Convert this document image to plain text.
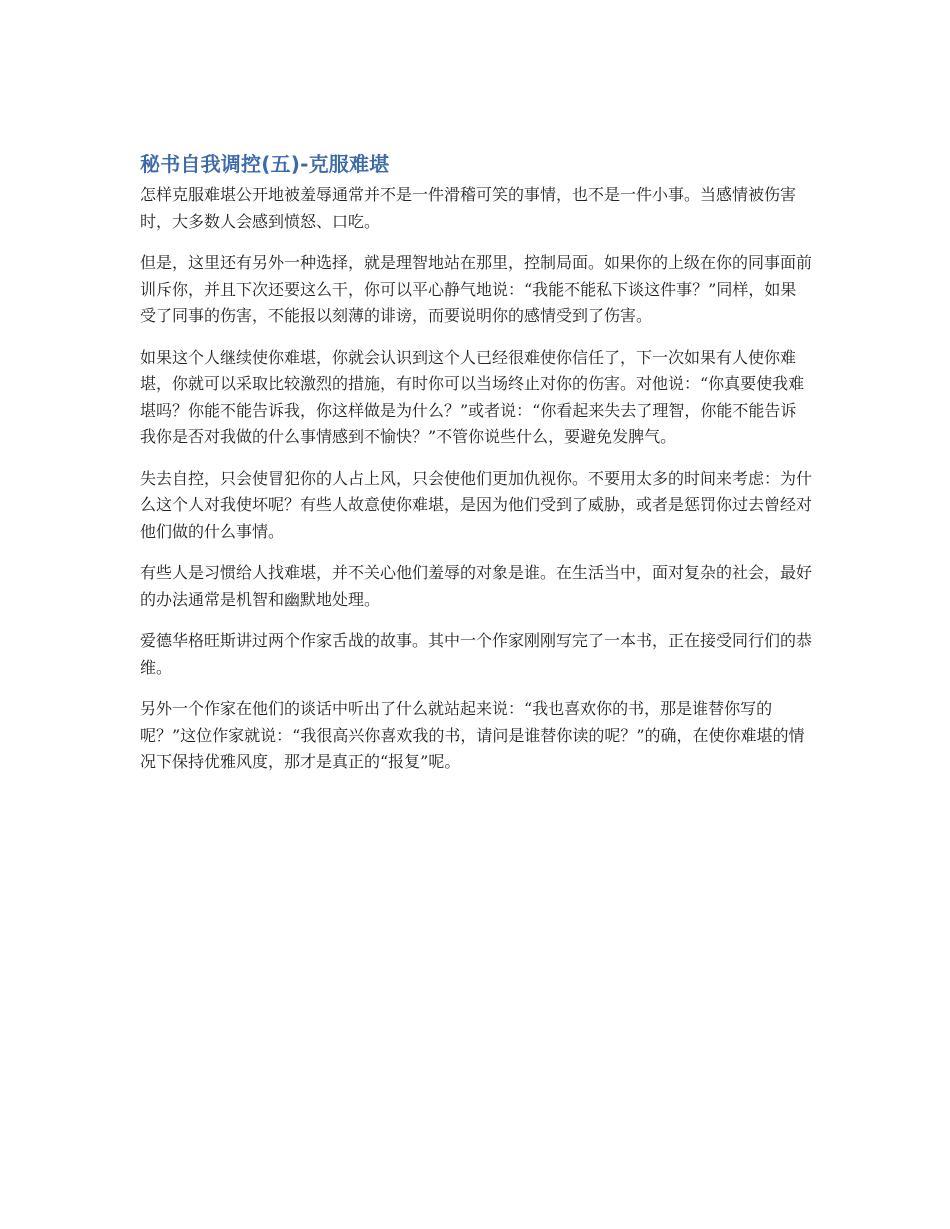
秘书自我调控(五)-克服难堪

怎样克服难堪公开地被羞辱通常并不是一件滑稽可笑的事情，也不是一件小事。当感情被伤害时，大多数人会感到愤怒、口吃。

但是，这里还有另外一种选择，就是理智地站在那里，控制局面。如果你的上级在你的同事面前训斥你，并且下次还要这么干，你可以平心静气地说：“我能不能私下谈这件事？”同样，如果受了同事的伤害，不能报以刻薄的诽谤，而要说明你的感情受到了伤害。

如果这个人继续使你难堪，你就会认识到这个人已经很难使你信任了，下一次如果有人使你难堪，你就可以采取比较激烈的措施，有时你可以当场终止对你的伤害。对他说：“你真要使我难堪吗？你能不能告诉我，你这样做是为什么？”或者说：“你看起来失去了理智，你能不能告诉我你是否对我做的什么事情感到不愉快？”不管你说些什么，要避免发脾气。

失去自控，只会使冒犯你的人占上风，只会使他们更加仇视你。不要用太多的时间来考虑：为什么这个人对我使坏呢？有些人故意使你难堪，是因为他们受到了威胁，或者是惩罚你过去曾经对他们做的什么事情。

有些人是习惯给人找难堪，并不关心他们羞辱的对象是谁。在生活当中，面对复杂的社会，最好的办法通常是机智和幽默地处理。

爱德华格旺斯讲过两个作家舌战的故事。其中一个作家刚刚写完了一本书，正在接受同行们的恭维。

另外一个作家在他们的谈话中听出了什么就站起来说：“我也喜欢你的书，那是谁替你写的呢？”这位作家就说：“我很高兴你喜欢我的书，请问是谁替你读的呢？”的确，在使你难堪的情况下保持优雅风度，那才是真正的“报复”呢。
